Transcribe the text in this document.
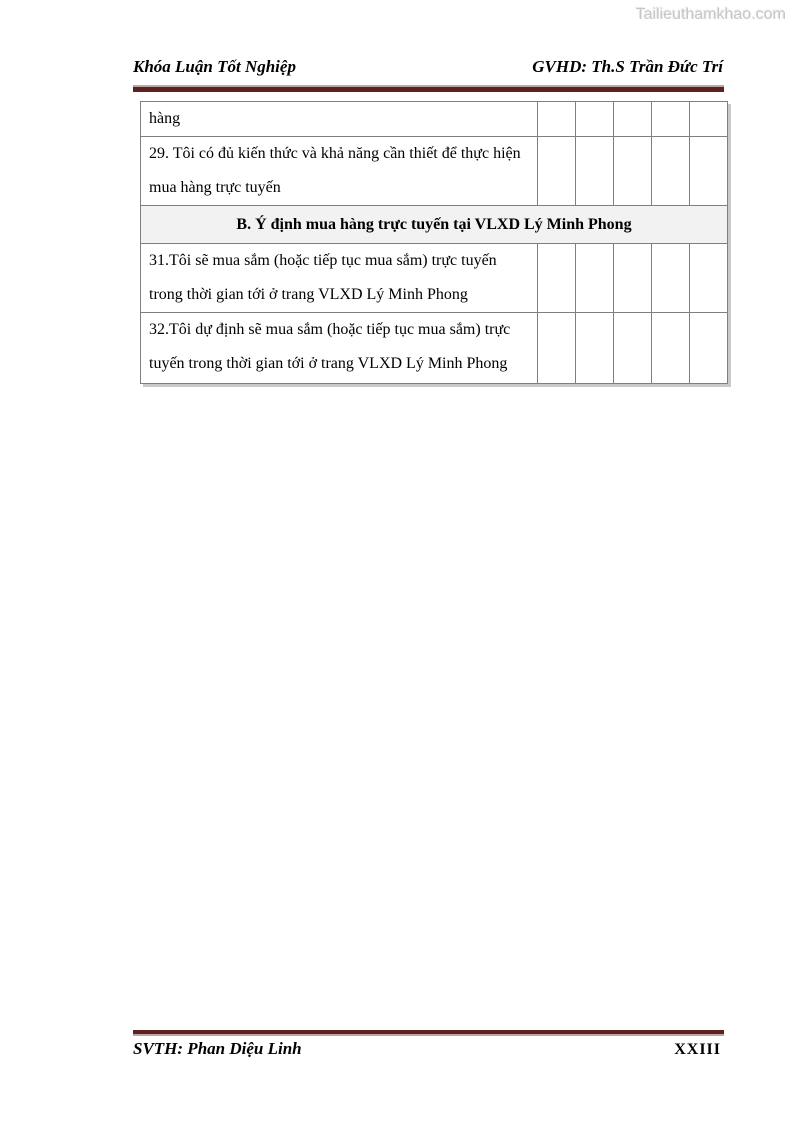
Tailieuthamkhao.com
Khóa Luận Tốt Nghiệp	GVHD: Th.S Trần Đức Trí
hàng					
29. Tôi có đủ kiến thức và khả năng cần thiết để thực hiện mua hàng trực tuyến					
B. Ý định mua hàng trực tuyến tại VLXD Lý Minh Phong					
31.Tôi sẽ mua sắm (hoặc tiếp tục mua sắm) trực tuyến trong thời gian tới ở trang VLXD Lý Minh Phong					
32.Tôi dự định sẽ mua sắm (hoặc tiếp tục mua sắm) trực tuyến trong thời gian tới ở trang VLXD Lý Minh Phong					
SVTH: Phan Diệu Linh	XXIII
